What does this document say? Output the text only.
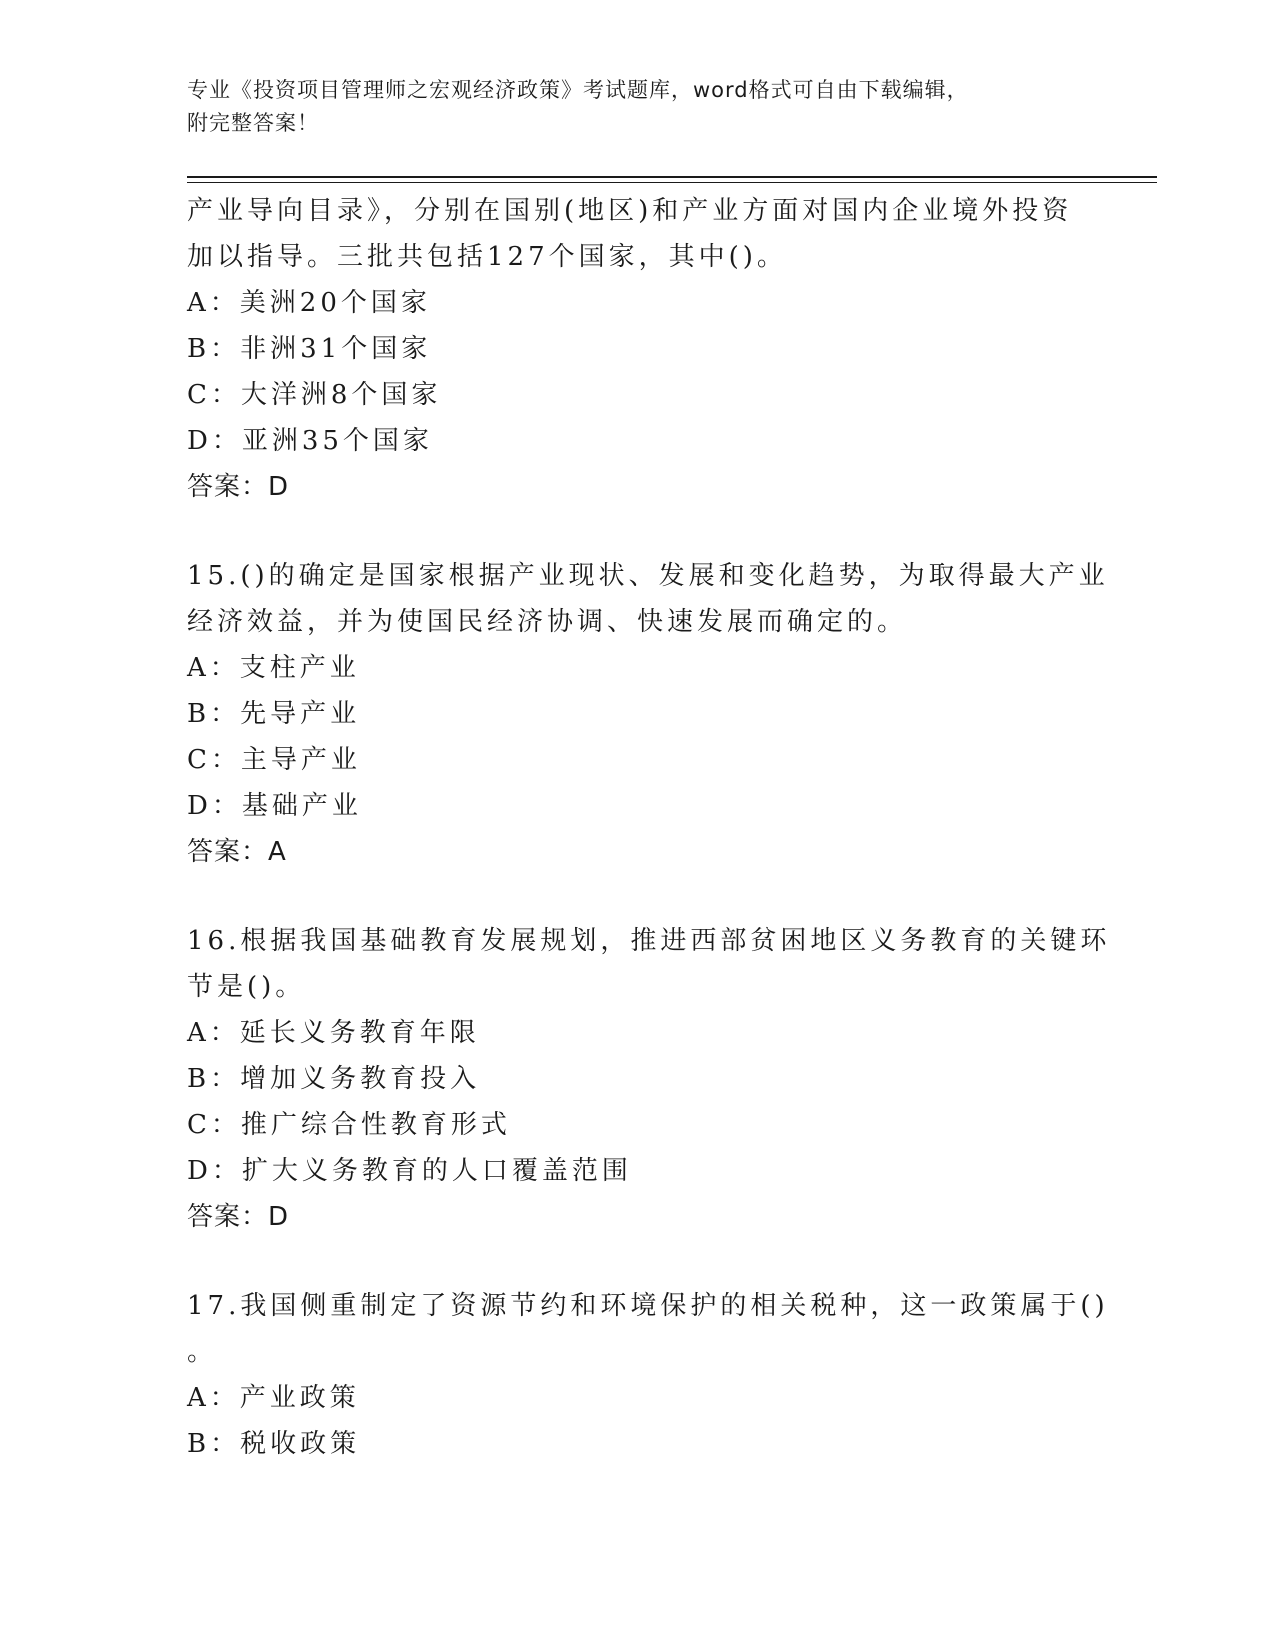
专业《投资项目管理师之宏观经济政策》考试题库，word格式可自由下载编辑，
附完整答案！
产业导向目录》，分别在国别(地区)和产业方面对国内企业境外投资
加以指导。三批共包括127个国家，其中()。
A：美洲20个国家
B：非洲31个国家
C：大洋洲8个国家
D：亚洲35个国家
答案：D
15.()的确定是国家根据产业现状、发展和变化趋势，为取得最大产业
经济效益，并为使国民经济协调、快速发展而确定的。
A：支柱产业
B：先导产业
C：主导产业
D：基础产业
答案：A
16.根据我国基础教育发展规划，推进西部贫困地区义务教育的关键环
节是()。
A：延长义务教育年限
B：增加义务教育投入
C：推广综合性教育形式
D：扩大义务教育的人口覆盖范围
答案：D
17.我国侧重制定了资源节约和环境保护的相关税种，这一政策属于()
。
A：产业政策
B：税收政策
